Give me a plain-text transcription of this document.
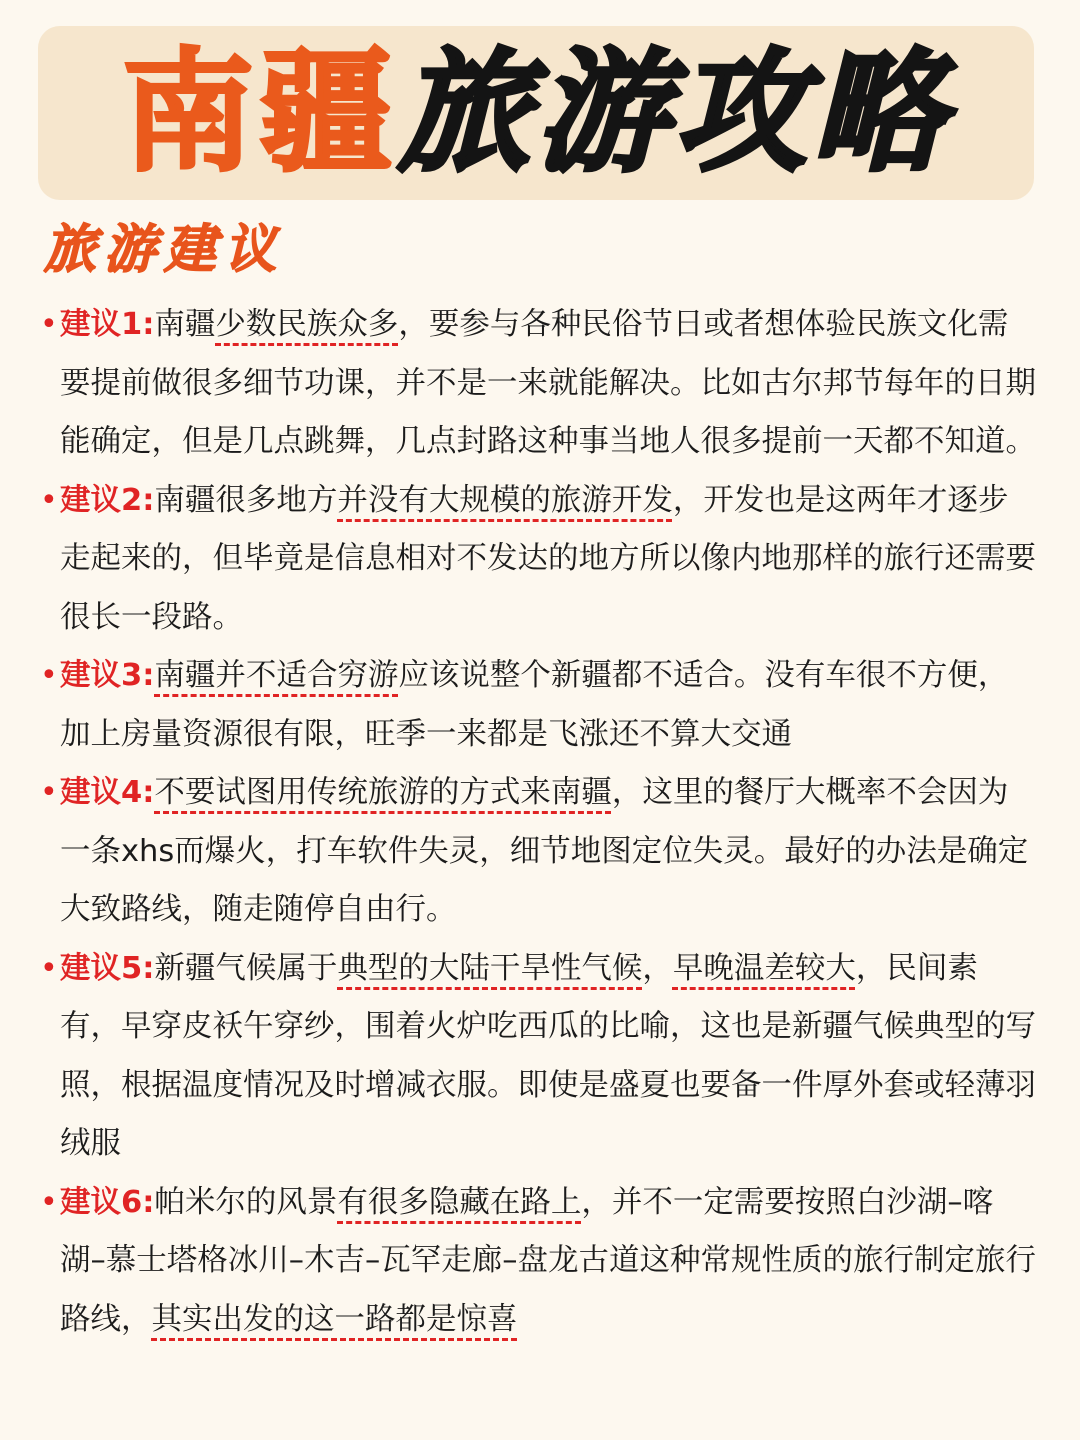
南疆旅游攻略
旅游建议

• 建议1:南疆少数民族众多，要参与各种民俗节日或者想体验民族文化需要提前做很多细节功课，并不是一来就能解决。比如古尔邦节每年的日期能确定，但是几点跳舞，几点封路这种事当地人很多提前一天都不知道。

• 建议2:南疆很多地方并没有大规模的旅游开发，开发也是这两年才逐步走起来的，但毕竟是信息相对不发达的地方所以像内地那样的旅行还需要很长一段路。

• 建议3:南疆并不适合穷游应该说整个新疆都不适合。没有车很不方便，加上房量资源很有限，旺季一来都是飞涨还不算大交通

• 建议4:不要试图用传统旅游的方式来南疆，这里的餐厅大概率不会因为一条xhs而爆火，打车软件失灵，细节地图定位失灵。最好的办法是确定大致路线，随走随停自由行。

• 建议5:新疆气候属于典型的大陆干旱性气候，早晚温差较大，民间素有，早穿皮袄午穿纱，围着火炉吃西瓜的比喻，这也是新疆气候典型的写照，根据温度情况及时增减衣服。即使是盛夏也要备一件厚外套或轻薄羽绒服

• 建议6:帕米尔的风景有很多隐藏在路上，并不一定需要按照白沙湖–喀湖–慕士塔格冰川–木吉–瓦罕走廊–盘龙古道这种常规性质的旅行制定旅行路线，其实出发的这一路都是惊喜
